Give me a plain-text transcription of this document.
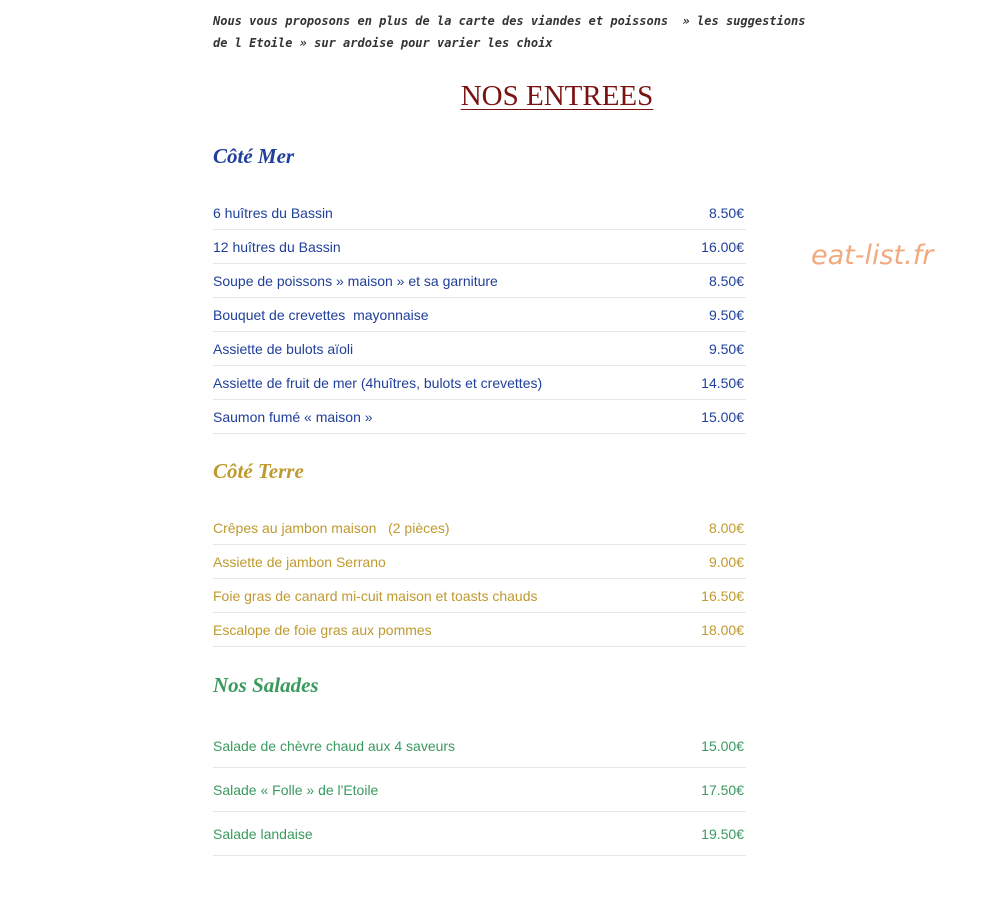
Nous vous proposons en plus de la carte des viandes et poissons  » les suggestions
de l Etoile » sur ardoise pour varier les choix
NOS ENTREES
Côté Mer
6 huîtres du Bassin	8.50€
12 huîtres du Bassin	16.00€
Soupe de poissons » maison » et sa garniture	8.50€
Bouquet de crevettes  mayonnaise	9.50€
Assiette de bulots aïoli	9.50€
Assiette de fruit de mer (4huîtres, bulots et crevettes)	14.50€
Saumon fumé « maison »	15.00€
Côté Terre
Crêpes au jambon maison   (2 pièces)	8.00€
Assiette de jambon Serrano	9.00€
Foie gras de canard mi-cuit maison et toasts chauds	16.50€
Escalope de foie gras aux pommes	18.00€
Nos Salades
Salade de chèvre chaud aux 4 saveurs	15.00€
Salade « Folle » de l'Etoile	17.50€
Salade landaise	19.50€
eat-list.fr
